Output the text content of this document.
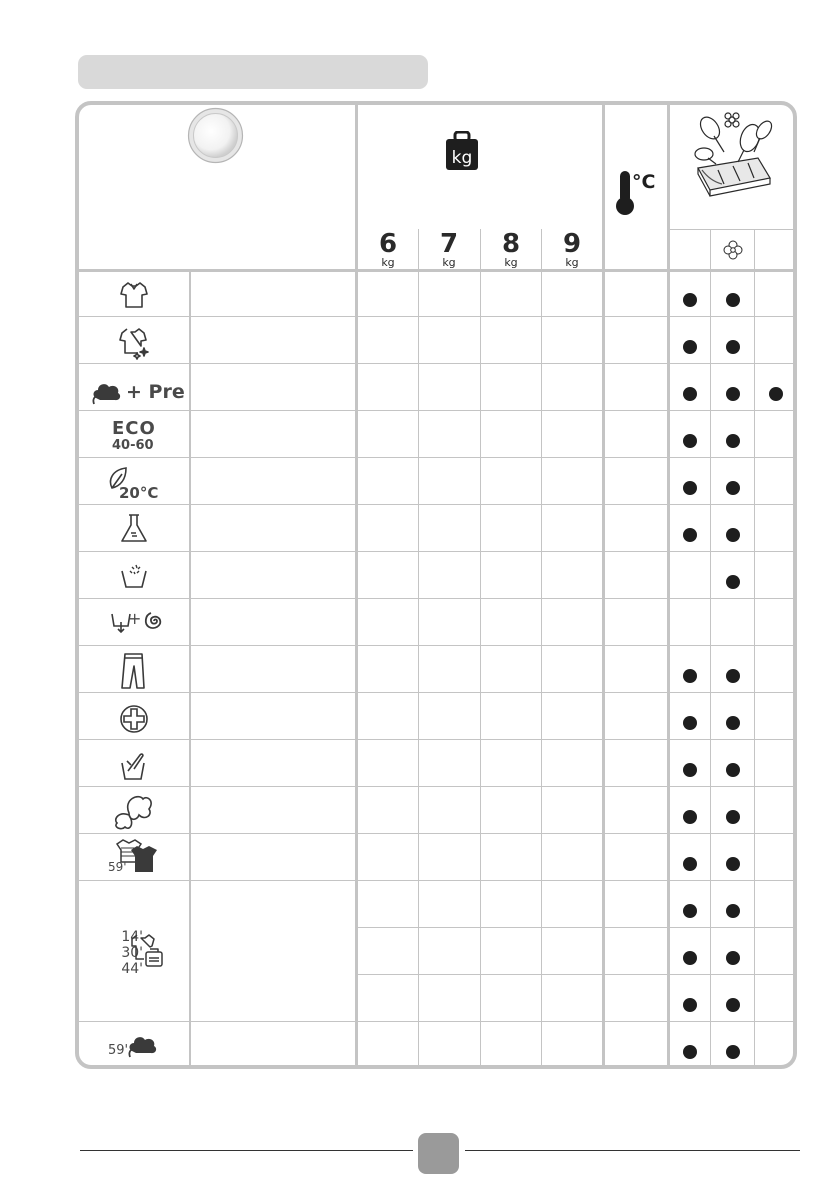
kg
°C
6
kg
7
kg
8
kg
9
kg
+ Pre
ECO
40-60
20°C
+
59'
14' 30' 44'
59'
